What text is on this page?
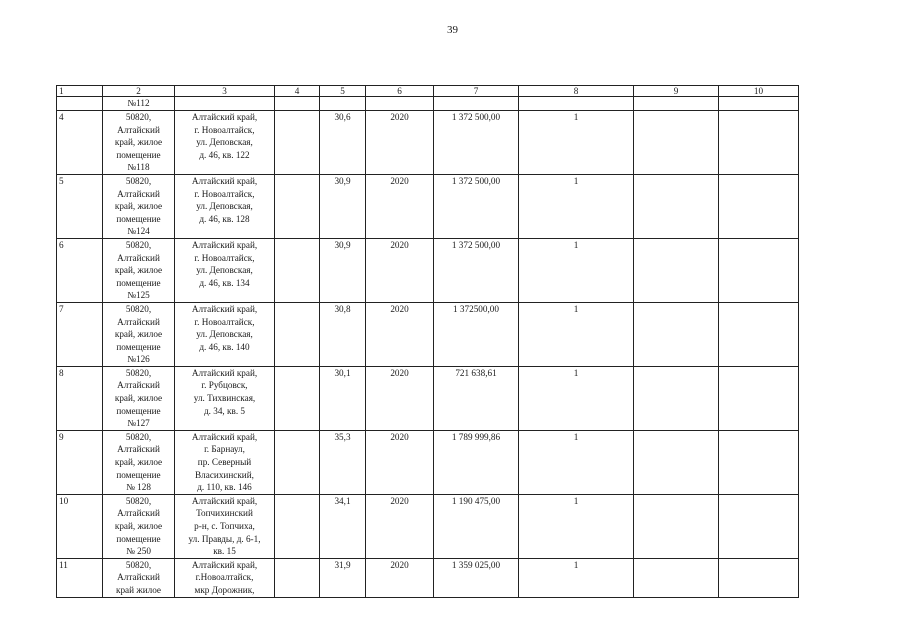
39
1	2	3	4	5	6	7	8	9	10
	№112								
4	50820,
Алтайский
край, жилое
помещение
№118	Алтайский край,
г. Новоалтайск,
ул. Деповская,
д. 46, кв. 122		30,6	2020	1 372 500,00	1		
5	50820,
Алтайский
край, жилое
помещение
№124	Алтайский край,
г. Новоалтайск,
ул. Деповская,
д. 46, кв. 128		30,9	2020	1 372 500,00	1		
6	50820,
Алтайский
край, жилое
помещение
№125	Алтайский край,
г. Новоалтайск,
ул. Деповская,
д. 46, кв. 134		30,9	2020	1 372 500,00	1		
7	50820,
Алтайский
край, жилое
помещение
№126	Алтайский край,
г. Новоалтайск,
ул. Деповская,
д. 46, кв. 140		30,8	2020	1 372500,00	1		
8	50820,
Алтайский
край, жилое
помещение
№127	Алтайский край,
г. Рубцовск,
ул. Тихвинская,
д. 34, кв. 5		30,1	2020	721 638,61	1		
9	50820,
Алтайский
край, жилое
помещение
№ 128	Алтайский край,
г. Барнаул,
пр. Северный
Власихинский,
д. 110, кв. 146		35,3	2020	1 789 999,86	1		
10	50820,
Алтайский
край, жилое
помещение
№ 250	Алтайский край,
Топчихинский
р-н, с. Топчиха,
ул. Правды, д. 6-1,
кв. 15		34,1	2020	1 190 475,00	1		
11	50820,
Алтайский
край жилое	Алтайский край,
г.Новоалтайск,
мкр Дорожник,		31,9	2020	1 359 025,00	1		
